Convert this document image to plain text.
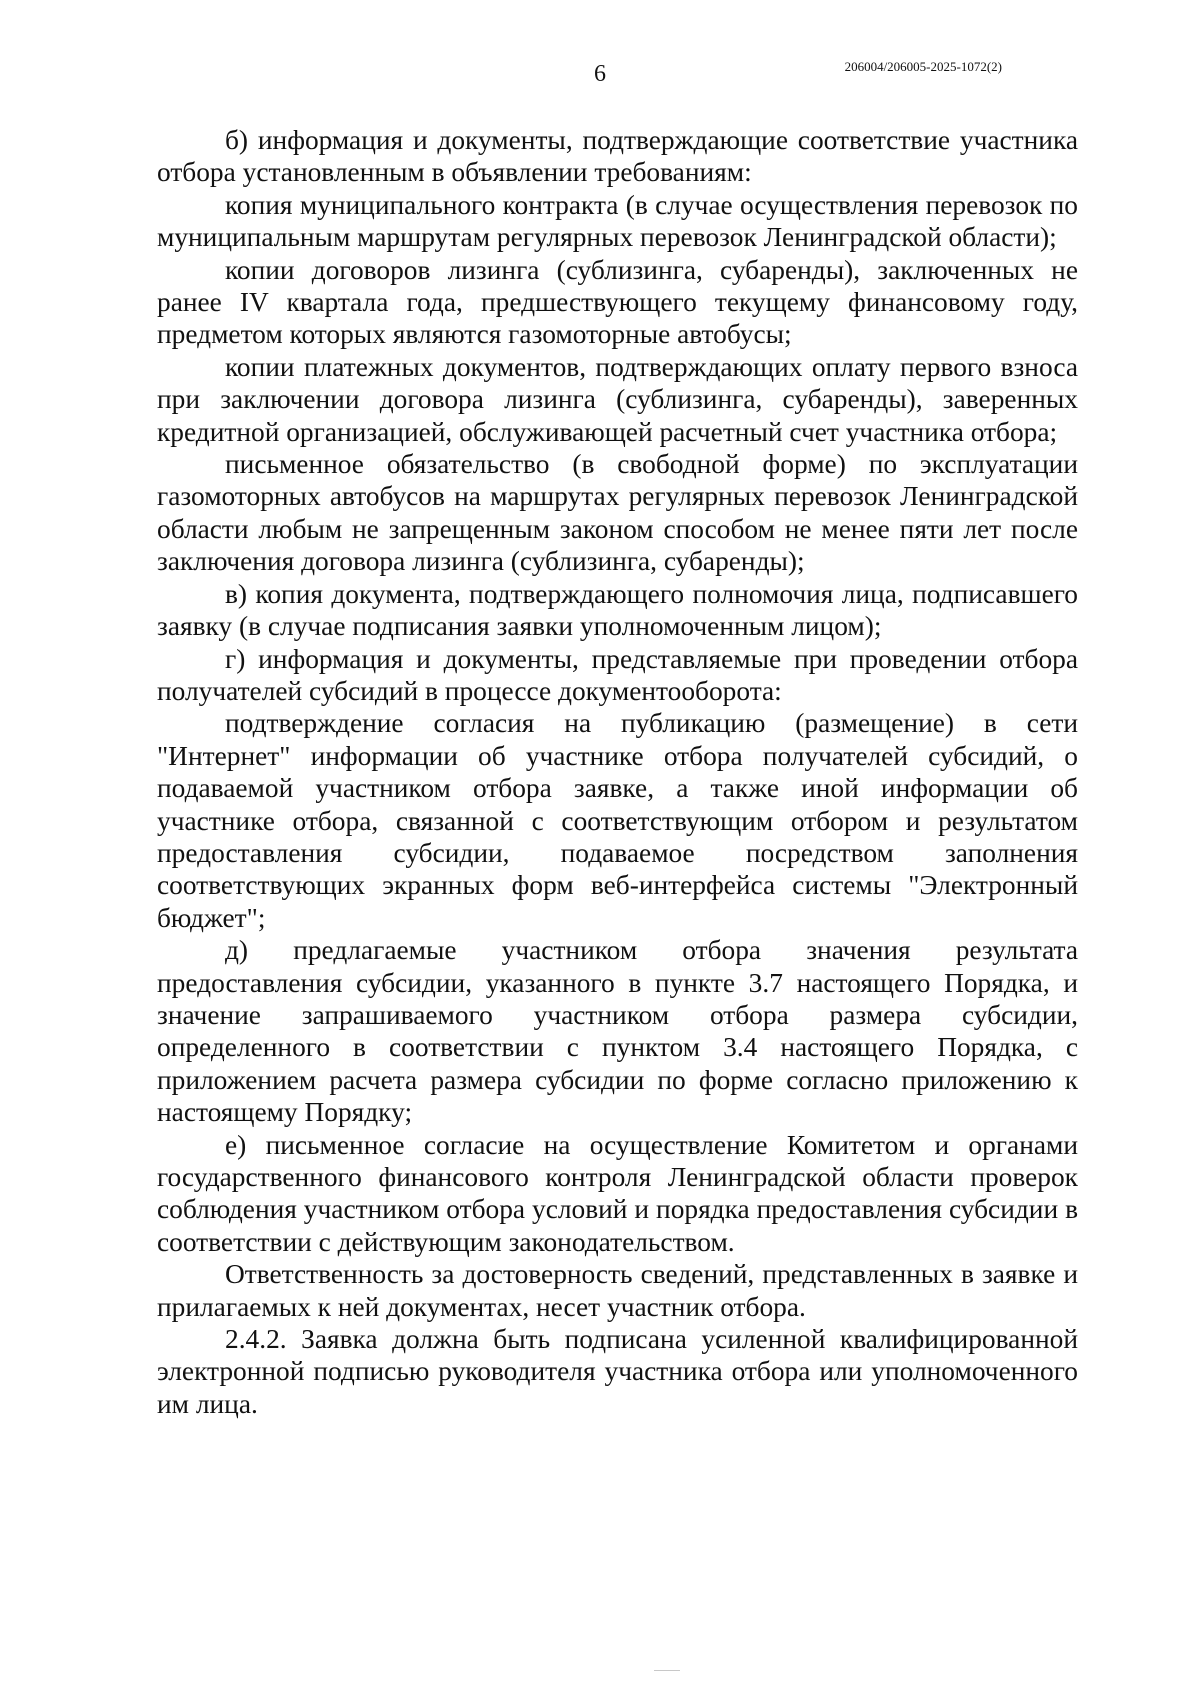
6	206004/206005-2025-1072(2)

б) информация и документы, подтверждающие соответствие участника отбора установленным в объявлении требованиям:

копия муниципального контракта (в случае осуществления перевозок по муниципальным маршрутам регулярных перевозок Ленинградской области);

копии договоров лизинга (сублизинга, субаренды), заключенных не ранее IV квартала года, предшествующего текущему финансовому году, предметом которых являются газомоторные автобусы;

копии платежных документов, подтверждающих оплату первого взноса при заключении договора лизинга (сублизинга, субаренды), заверенных кредитной организацией, обслуживающей расчетный счет участника отбора;

письменное обязательство (в свободной форме) по эксплуатации газомоторных автобусов на маршрутах регулярных перевозок Ленинградской области любым не запрещенным законом способом не менее пяти лет после заключения договора лизинга (сублизинга, субаренды);

в) копия документа, подтверждающего полномочия лица, подписавшего заявку (в случае подписания заявки уполномоченным лицом);

г) информация и документы, представляемые при проведении отбора получателей субсидий в процессе документооборота:

подтверждение согласия на публикацию (размещение) в сети "Интернет" информации об участнике отбора получателей субсидий, о подаваемой участником отбора заявке, а также иной информации об участнике отбора, связанной с соответствующим отбором и результатом предоставления субсидии, подаваемое посредством заполнения соответствующих экранных форм веб-интерфейса системы "Электронный бюджет";

д) предлагаемые участником отбора значения результата предоставления субсидии, указанного в пункте 3.7 настоящего Порядка, и значение запрашиваемого участником отбора размера субсидии, определенного в соответствии с пунктом 3.4 настоящего Порядка, с приложением расчета размера субсидии по форме согласно приложению к настоящему Порядку;

е) письменное согласие на осуществление Комитетом и органами государственного финансового контроля Ленинградской области проверок соблюдения участником отбора условий и порядка предоставления субсидии в соответствии с действующим законодательством.

Ответственность за достоверность сведений, представленных в заявке и прилагаемых к ней документах, несет участник отбора.

2.4.2. Заявка должна быть подписана усиленной квалифицированной электронной подписью руководителя участника отбора или уполномоченного им лица.
